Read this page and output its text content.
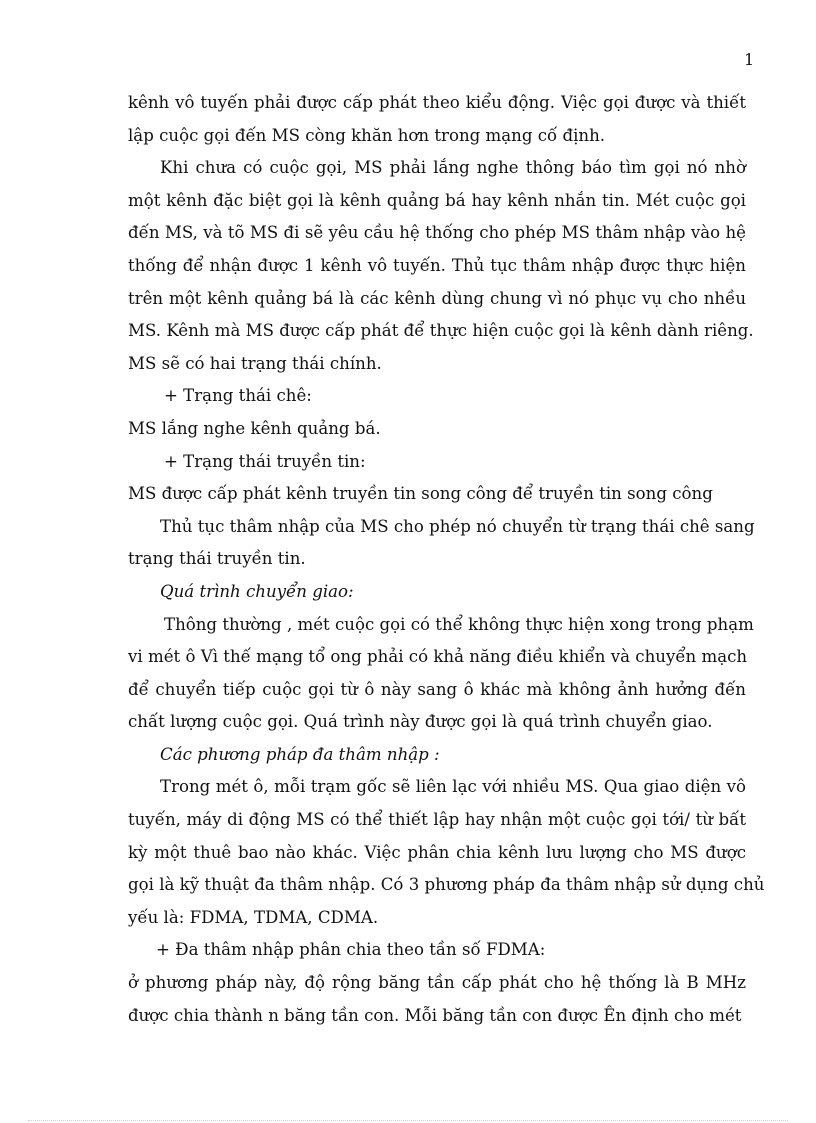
1
kênh vô tuyến phải được cấp phát theo kiểu động. Việc gọi được và thiết
lập cuộc gọi đến MS còng khăn hơn trong mạng cố định.
Khi chưa có cuộc gọi, MS phải lắng nghe thông báo tìm gọi nó nhờ
một kênh đặc biệt gọi là kênh quảng bá hay kênh nhắn tin. Mét cuộc gọi
đến MS, và tõ MS đi sẽ yêu cầu hệ thống cho phép MS thâm nhập vào hệ
thống để nhận được 1 kênh vô tuyến. Thủ tục thâm nhập được thực hiện
trên một kênh quảng bá là các kênh dùng chung vì nó phục vụ cho nhều
MS. Kênh mà MS được cấp phát để thực hiện cuộc gọi là kênh dành riêng.
MS sẽ có hai trạng thái chính.
+ Trạng thái chê:
MS lắng nghe kênh quảng bá.
+ Trạng thái truyền tin:
MS được cấp phát kênh truyền tin song công để truyền tin song công
Thủ tục thâm nhập của MS cho phép nó chuyển từ trạng thái chê sang
trạng thái truyền tin.
Quá trình chuyển giao:
Thông thường , mét cuộc gọi có thể không thực hiện xong trong phạm
vi mét ô Vì thế mạng tổ ong phải có khả năng điều khiển và chuyển mạch
để chuyển tiếp cuộc gọi từ ô này sang ô khác mà không ảnh hưởng đến
chất lượng cuộc gọi. Quá trình này được gọi là quá trình chuyển giao.
Các phương pháp đa thâm nhập :
Trong mét ô, mỗi trạm gốc sẽ liên lạc với nhiều MS. Qua giao diện vô
tuyến, máy di động MS có thể thiết lập hay nhận một cuộc gọi tới/ từ bất
kỳ một thuê bao nào khác. Việc phân chia kênh lưu lượng cho MS được
gọi là kỹ thuật đa thâm nhập. Có 3 phương pháp đa thâm nhập sử dụng chủ
yếu là: FDMA, TDMA, CDMA.
+ Đa thâm nhập phân chia theo tần số FDMA:
ở phương pháp này, độ rộng băng tần cấp phát cho hệ thống là B MHz
được chia thành n băng tần con. Mỗi băng tần con được Ên định cho mét
